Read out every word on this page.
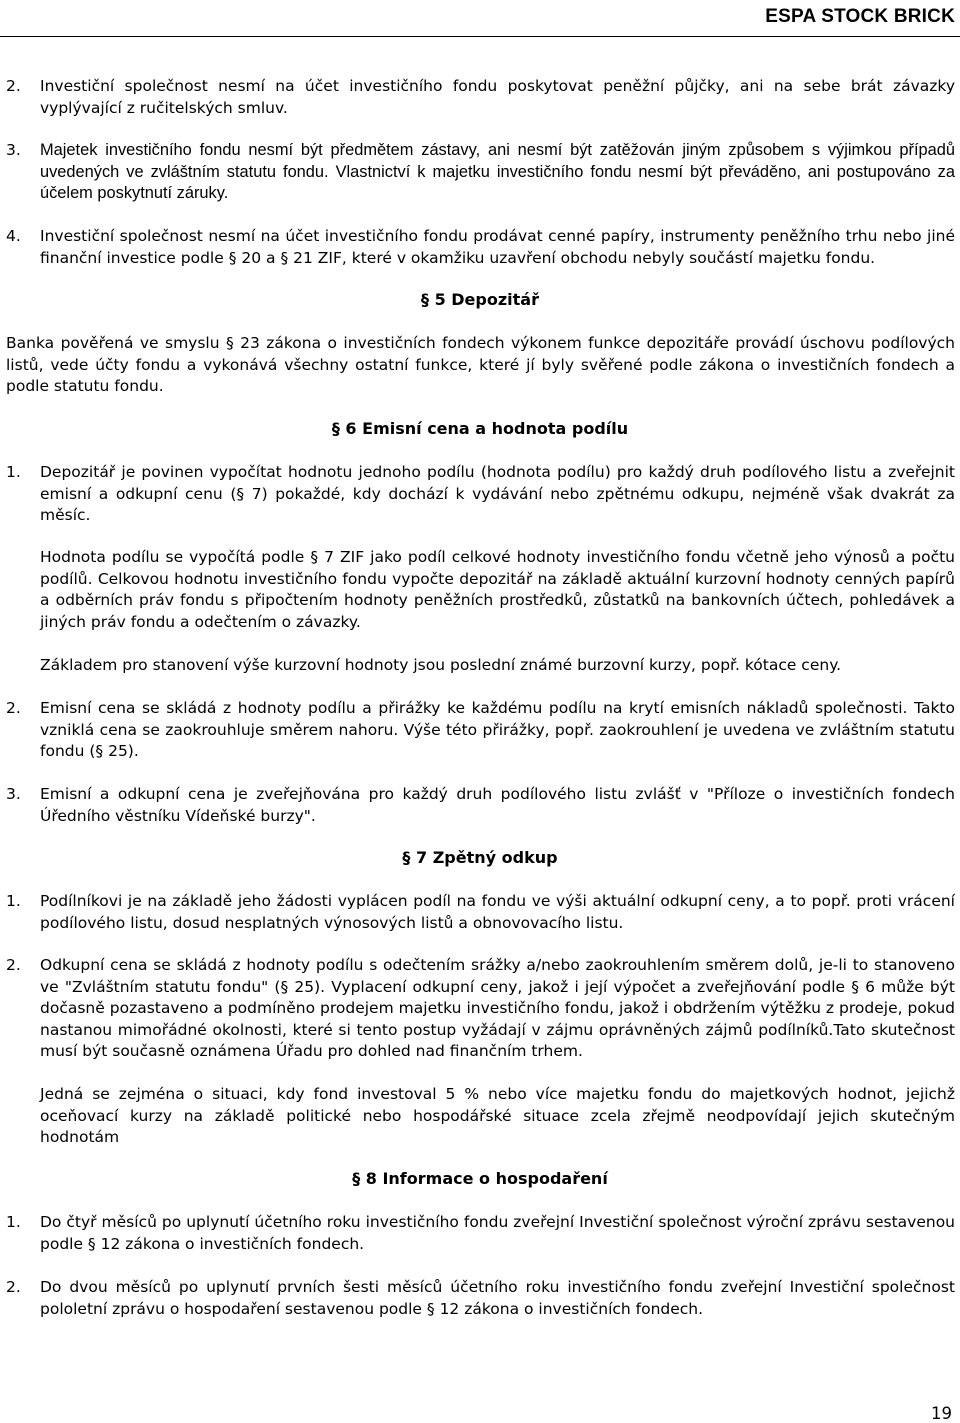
ESPA STOCK BRICK
2. Investiční společnost nesmí na účet investičního fondu poskytovat peněžní půjčky, ani na sebe brát závazky vyplývající z ručitelských smluv.
3. Majetek investičního fondu nesmí být předmětem zástavy, ani nesmí být zatěžován jiným způsobem s výjimkou případů uvedených ve zvláštním statutu fondu. Vlastnictví k majetku investičního fondu nesmí být převáděno, ani postupováno za účelem poskytnutí záruky.
4. Investiční společnost nesmí na účet investičního fondu prodávat cenné papíry, instrumenty peněžního trhu nebo jiné finanční investice podle § 20 a § 21 ZIF, které v okamžiku uzavření obchodu nebyly součástí majetku fondu.
§ 5 Depozitář
Banka pověřená ve smyslu § 23 zákona o investičních fondech výkonem funkce depozitáře provádí úschovu podílových listů, vede účty fondu a vykonává všechny ostatní funkce, které jí byly svěřené podle zákona o investičních fondech a podle statutu fondu.
§ 6 Emisní cena a hodnota podílu
1. Depozitář je povinen vypočítat hodnotu jednoho podílu (hodnota podílu) pro každý druh podílového listu a zveřejnit emisní a odkupní cenu (§ 7) pokaždé, kdy dochází k vydávání nebo zpětnému odkupu, nejméně však dvakrát za měsíc.
Hodnota podílu se vypočítá podle § 7 ZIF jako podíl celkové hodnoty investičního fondu včetně jeho výnosů a počtu podílů. Celkovou hodnotu investičního fondu vypočte depozitář na základě aktuální kurzovní hodnoty cenných papírů a odběrních práv fondu s připočtením hodnoty peněžních prostředků, zůstatků na bankovních účtech, pohledávek a jiných práv fondu a odečtením o závazky.
Základem pro stanovení výše kurzovní hodnoty jsou poslední známé burzovní kurzy, popř. kótace ceny.
2. Emisní cena se skládá z hodnoty podílu a přirážky ke každému podílu na krytí emisních nákladů společnosti. Takto vzniklá cena se zaokrouhluje směrem nahoru. Výše této přirážky, popř. zaokrouhlení je uvedena ve zvláštním statutu fondu (§ 25).
3. Emisní a odkupní cena je zveřejňována pro každý druh podílového listu zvlášť v "Příloze o investičních fondech Úředního věstníku Vídeňské burzy".
§ 7 Zpětný odkup
1. Podílníkovi je na základě jeho žádosti vyplácen podíl na fondu ve výši aktuální odkupní ceny, a to popř. proti vrácení podílového listu, dosud nesplatných výnosových listů a obnovovacího listu.
2. Odkupní cena se skládá z hodnoty podílu s odečtením srážky a/nebo zaokrouhlením směrem dolů, je-li to stanoveno ve "Zvláštním statutu fondu" (§ 25). Vyplacení odkupní ceny, jakož i její výpočet a zveřejňování podle § 6 může být dočasně pozastaveno a podmíněno prodejem majetku investičního fondu, jakož i obdržením výtěžku z prodeje, pokud nastanou mimořádné okolnosti, které si tento postup vyžádají v zájmu oprávněných zájmů podílníků.Tato skutečnost musí být současně oznámena Úřadu pro dohled nad finančním trhem.
Jedná se zejména o situaci, kdy fond investoval 5 % nebo více majetku fondu do majetkových hodnot, jejichž oceňovací kurzy na základě politické nebo hospodářské situace zcela zřejmě neodpovídají jejich skutečným hodnotám
§ 8 Informace o hospodaření
1. Do čtyř měsíců po uplynutí účetního roku investičního fondu zveřejní Investiční společnost výroční zprávu sestavenou podle § 12 zákona o investičních fondech.
2. Do dvou měsíců po uplynutí prvních šesti měsíců účetního roku investičního fondu zveřejní Investiční společnost pololetní zprávu o hospodaření sestavenou podle § 12 zákona o investičních fondech.
19
